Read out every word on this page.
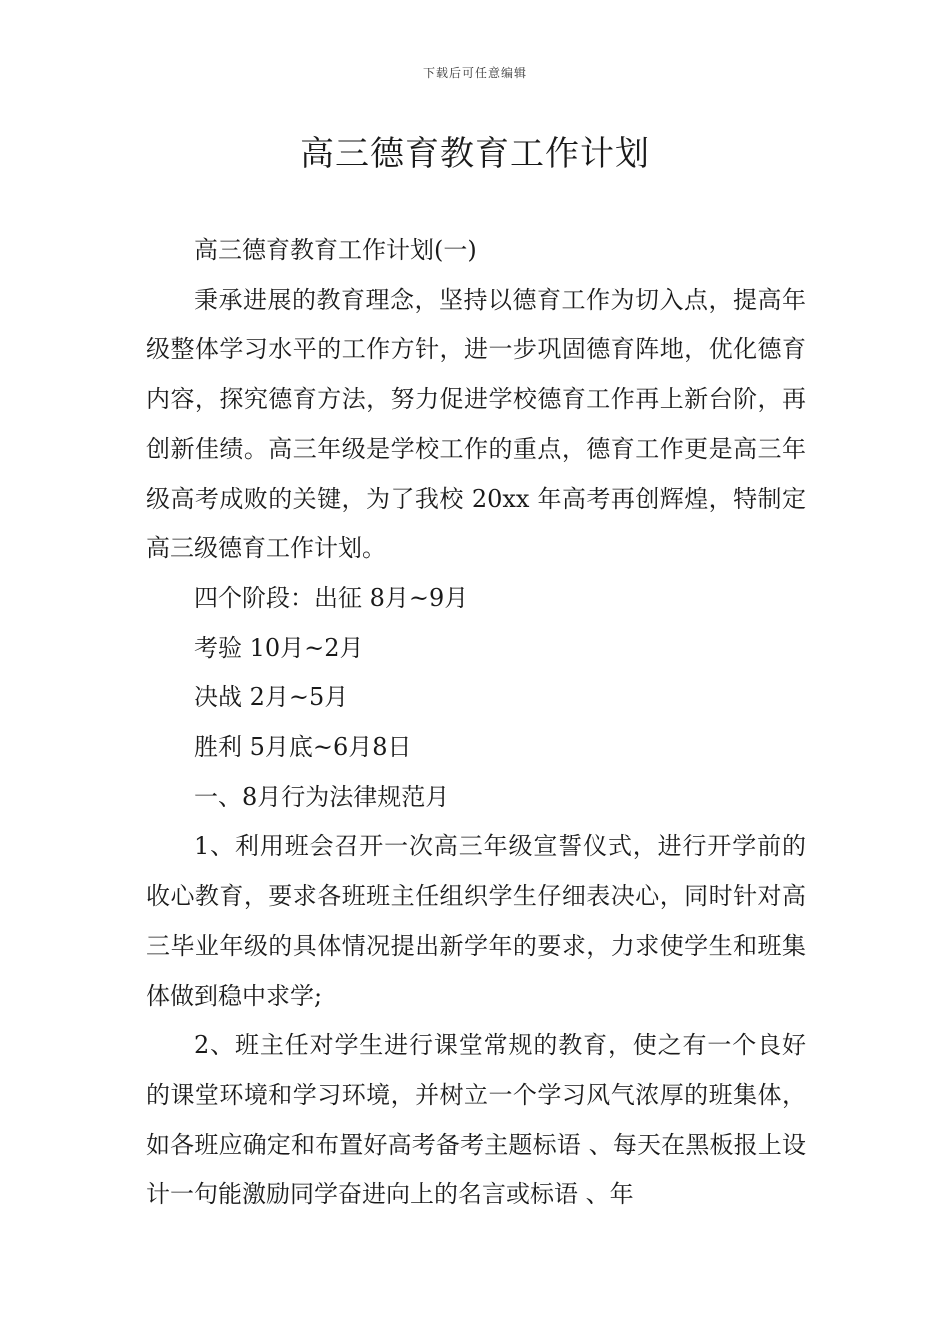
下载后可任意编辑
高三德育教育工作计划

高三德育教育工作计划(一)

秉承进展的教育理念，坚持以德育工作为切入点，提高年级整体学习水平的工作方针，进一步巩固德育阵地，优化德育内容，探究德育方法，努力促进学校德育工作再上新台阶，再创新佳绩。高三年级是学校工作的重点，德育工作更是高三年级高考成败的关键，为了我校 20xx 年高考再创辉煌，特制定高三级德育工作计划。

四个阶段：出征 8月~9月

考验 10月~2月

决战 2月~5月

胜利 5月底~6月8日

一、8月行为法律规范月

1、利用班会召开一次高三年级宣誓仪式，进行开学前的收心教育，要求各班班主任组织学生仔细表决心，同时针对高三毕业年级的具体情况提出新学年的要求，力求使学生和班集体做到稳中求学;

2、班主任对学生进行课堂常规的教育，使之有一个良好的课堂环境和学习环境，并树立一个学习风气浓厚的班集体，如各班应确定和布置好高考备考主题标语 、每天在黑板报上设计一句能激励同学奋进向上的名言或标语 、年
